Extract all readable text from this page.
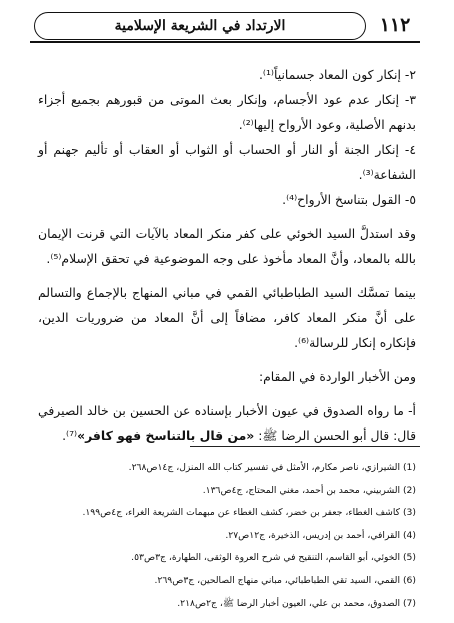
١١٢
الارتداد في الشريعة الإسلامية

٢- إنكار كون المعاد جسمانياً⁽¹⁾.

٣- إنكار عدم عود الأجسام، وإنكار بعث الموتى من قبورهم بجميع أجزاء بدنهم الأصلية، وعود الأرواح إليها⁽²⁾.

٤- إنكار الجنة أو النار أو الحساب أو الثواب أو العقاب أو تأليم جهنم أو الشفاعة⁽³⁾.

٥- القول بتناسخ الأرواح⁽⁴⁾.

وقد استدلَّ السيد الخوئي على كفر منكر المعاد بالآيات التي قرنت الإيمان بالله بالمعاد، وأنَّ المعاد مأخوذ على وجه الموضوعية في تحقق الإسلام⁽⁵⁾.

بينما تمسَّك السيد الطباطبائي القمي في مباني المنهاج بالإجماع والتسالم على أنَّ منكر المعاد كافر، مضافاً إلى أنَّ المعاد من ضروريات الدين، فإنكاره إنكار للرسالة⁽⁶⁾.

ومن الأخبار الواردة في المقام:

أ- ما رواه الصدوق في عيون الأخبار بإسناده عن الحسين بن خالد الصيرفي قال: قال أبو الحسن الرضا ﷺ: «من قال بالتناسخ فهو كافر»⁽⁷⁾.

(1) الشيرازي، ناصر مكارم، الأمثل في تفسير كتاب الله المنزل، ج١٤ص٢٦٨.

(2) الشربيني، محمد بن أحمد، مغني المحتاج، ج٤ص١٣٦.

(3) كاشف الغطاء، جعفر بن خضر، كشف الغطاء عن مبهمات الشريعة الغراء، ج٤ص١٩٩.

(4) القرافي، أحمد بن إدريس، الذخيرة، ج١٢ص٢٧.

(5) الخوئي، أبو القاسم، التنقيح في شرح العروة الوثقى، الطهارة، ج٣ص٥٣.

(6) القمي، السيد تقي الطباطبائي، مباني منهاج الصالحين، ج٣ص٢٦٩.

(7) الصدوق، محمد بن علي، العيون أخبار الرضا ﷺ، ج٢ص٢١٨.
